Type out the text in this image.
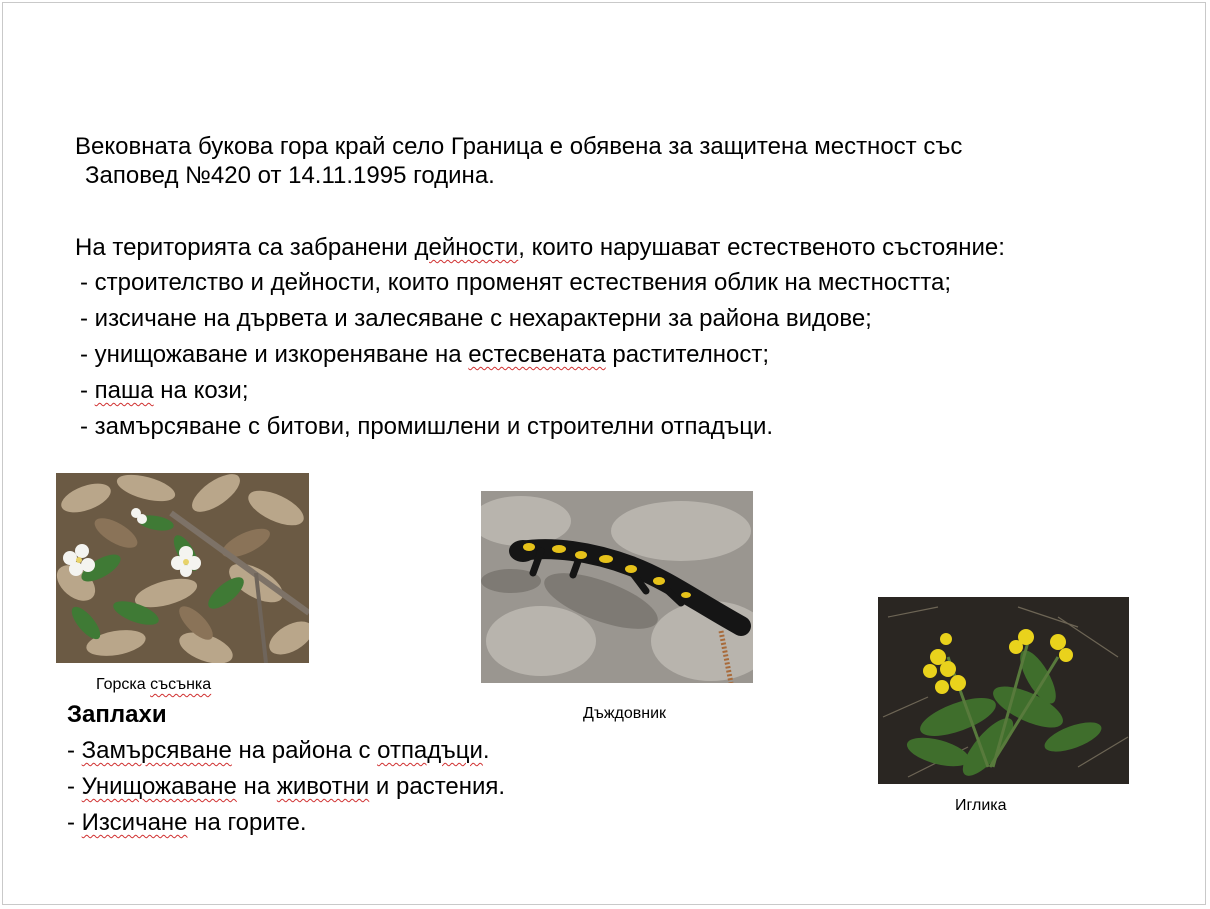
Вековната букова гора край село Граница е обявена за защитена местност със
Заповед №420 от 14.11.1995 година.
На територията са забранени дейности, които нарушават естественото състояние:
- строителство и дейности, които променят естествения облик на местността;
- изсичане на дървета и залесяване с нехарактерни за района видове;
- унищожаване и изкореняване на естесвената растителност;
- паша на кози;
- замърсяване с битови, промишлени и строителни отпадъци.
Горска съсънка
Дъждовник
Иглика
Заплахи
- Замърсяване на района с отпадъци.
- Унищожаване на животни и растения.
- Изсичане на горите.
